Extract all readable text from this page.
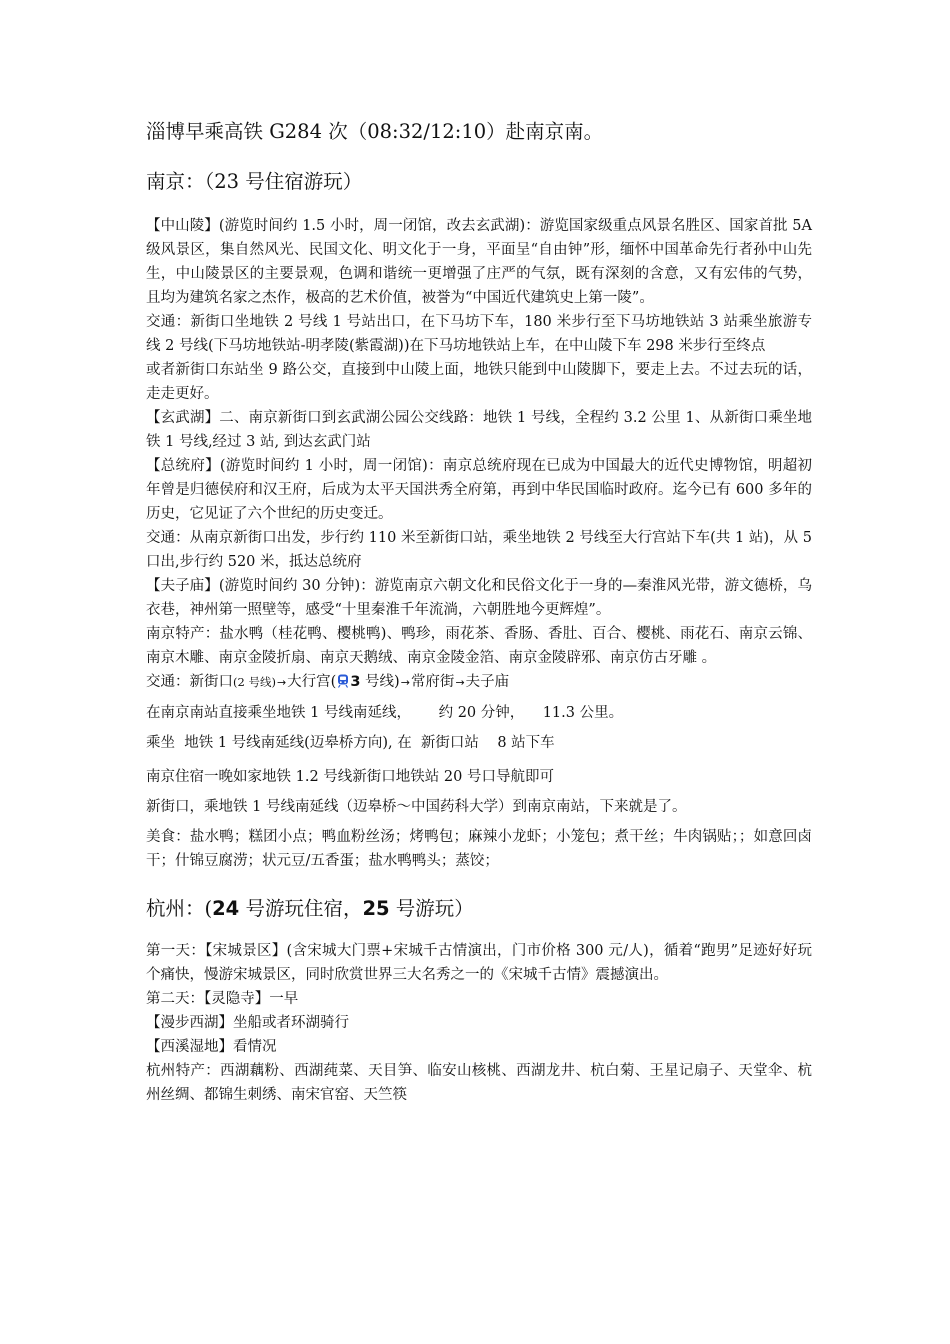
淄博早乘高铁 G284 次（08:32/12:10）赴南京南。
南京：（23 号住宿游玩）

【中山陵】(游览时间约 1.5 小时，周一闭馆，改去玄武湖)：游览国家级重点风景名胜区、国家首批 5A 级风景区，集自然风光、民国文化、明文化于一身，平面呈“自由钟”形，缅怀中国革命先行者孙中山先生，中山陵景区的主要景观，色调和谐统一更增强了庄严的气氛，既有深刻的含意，又有宏伟的气势，且均为建筑名家之杰作，极高的艺术价值，被誉为“中国近代建筑史上第一陵”。

交通：新街口坐地铁 2 号线 1 号站出口，在下马坊下车，180 米步行至下马坊地铁站 3 站乘坐旅游专线 2 号线(下马坊地铁站-明孝陵(紫霞湖))在下马坊地铁站上车，在中山陵下车 298 米步行至终点

或者新街口东站坐 9 路公交，直接到中山陵上面，地铁只能到中山陵脚下，要走上去。不过去玩的话，走走更好。

【玄武湖】二、南京新街口到玄武湖公园公交线路：地铁 1 号线，全程约 3.2 公里 1、从新街口乘坐地铁 1 号线,经过 3 站, 到达玄武门站

【总统府】(游览时间约 1 小时，周一闭馆)：南京总统府现在已成为中国最大的近代史博物馆，明超初年曾是归德侯府和汉王府，后成为太平天国洪秀全府第，再到中华民国临时政府。迄今已有 600 多年的历史，它见证了六个世纪的历史变迁。

交通：从南京新街口出发，步行约 110 米至新街口站，乘坐地铁 2 号线至大行宫站下车(共 1 站)，从 5 口出,步行约 520 米，抵达总统府

【夫子庙】(游览时间约 30 分钟)：游览南京六朝文化和民俗文化于一身的—秦淮风光带，游文德桥，乌衣巷，神州第一照壁等，感受“十里秦淮千年流淌，六朝胜地今更辉煌”。

南京特产：盐水鸭（桂花鸭、樱桃鸭)、鸭珍，雨花茶、香肠、香肚、百合、樱桃、雨花石、南京云锦、南京木雕、南京金陵折扇、南京天鹅绒、南京金陵金箔、南京金陵辟邪、南京仿古牙雕 。

交通：新街口(2 号线)→大行宫( 3 号线)→常府街→夫子庙

在南京南站直接乘坐地铁 1 号线南延线，      约 20 分钟，    11.3 公里。

乘坐  地铁 1 号线南延线(迈皋桥方向), 在  新街口站    8 站下车

南京住宿一晚如家地铁 1.2 号线新街口地铁站 20 号口导航即可

新街口，乘地铁 1 号线南延线（迈皋桥～中国药科大学）到南京南站，下来就是了。

美食：盐水鸭；糕团小点；鸭血粉丝汤；烤鸭包；麻辣小龙虾；小笼包；煮干丝；牛肉锅贴；；如意回卤干；什锦豆腐涝；状元豆/五香蛋；盐水鸭鸭头；蒸饺；

杭州：(24 号游玩住宿，25 号游玩）

第一天：【宋城景区】(含宋城大门票+宋城千古情演出，门市价格 300 元/人)，循着“跑男”足迹好好玩个痛快，慢游宋城景区，同时欣赏世界三大名秀之一的《宋城千古情》震撼演出。

第二天：【灵隐寺】一早

【漫步西湖】坐船或者环湖骑行

【西溪湿地】看情况

杭州特产：西湖藕粉、西湖莼菜、天目笋、临安山核桃、西湖龙井、杭白菊、王星记扇子、天堂伞、杭州丝绸、都锦生刺绣、南宋官窑、天竺筷
